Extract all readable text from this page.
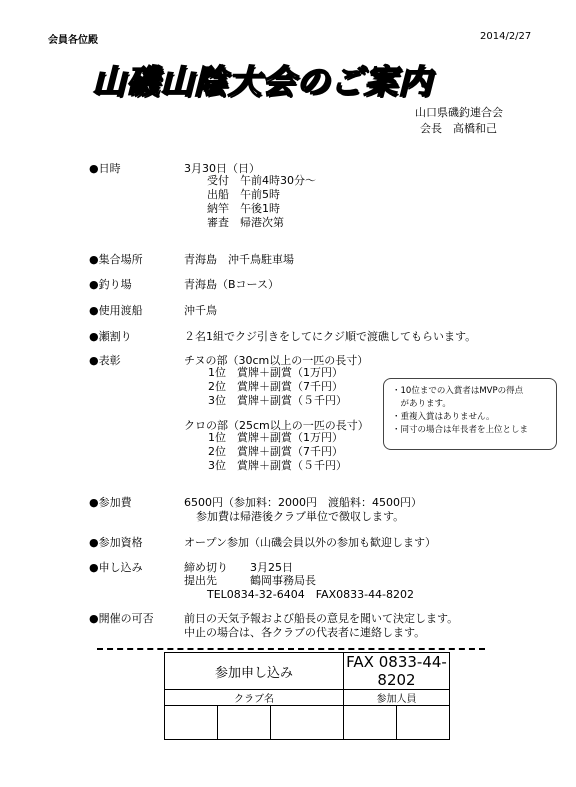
会員各位殿	2014/2/27
山磯山陰大会のご案内
山口県磯釣連合会
会長　高橋和己
●日時	3月30日（日）
受付　午前4時30分〜
出船　午前5時
納竿　午後1時
審査　帰港次第
●集合場所	青海島　沖千鳥駐車場
●釣り場	青海島（Bコース）
●使用渡船	沖千鳥
●瀬割り	２名1組でクジ引きをしてにクジ順で渡礁してもらいます。
●表彰	チヌの部（30cm以上の一匹の長寸）
1位　賞牌＋副賞（1万円）
2位　賞牌＋副賞（7千円）
3位　賞牌＋副賞（５千円）
クロの部（25cm以上の一匹の長寸）
1位　賞牌＋副賞（1万円）
2位　賞牌＋副賞（7千円）
3位　賞牌＋副賞（５千円）
・10位までの入賞者はMVPの得点
　があります。
・重複入賞はありません。
・同寸の場合は年長者を上位としま
●参加費	6500円（参加料：2000円　渡船料：4500円）
参加費は帰港後クラブ単位で徴収します。
●参加資格	オープン参加（山磯会員以外の参加も歓迎します）
●申し込み	締め切り　　3月25日
提出先　　　鶴岡事務局長
TEL0834-32-6404　FAX0833-44-8202
●開催の可否	前日の天気予報および船長の意見を聞いて決定します。
中止の場合は、各クラブの代表者に連絡します。
参加申し込み			FAX 0833-44-8202	
クラブ名			参加人員	
